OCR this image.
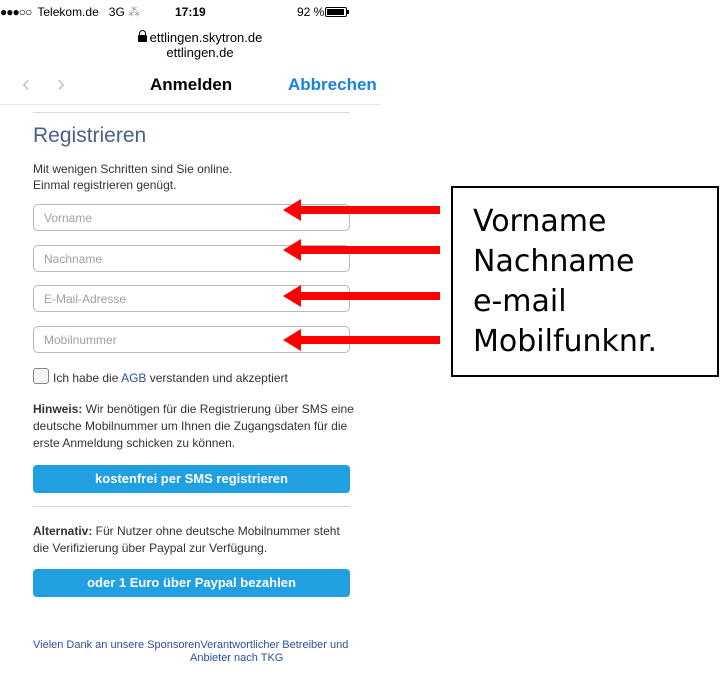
●●●○○ Telekom.de 3G ⁂	17:19	92 %
ettlingen.skytron.de
ettlingen.de
‹ ›	Anmelden	Abbrechen
Registrieren
Mit wenigen Schritten sind Sie online.
Einmal registrieren genügt.
Vorname
Nachname
E-Mail-Adresse
Mobilnummer
Ich habe die AGB verstanden und akzeptiert
Hinweis: Wir benötigen für die Registrierung über SMS eine deutsche Mobilnummer um Ihnen die Zugangsdaten für die erste Anmeldung schicken zu können.
kostenfrei per SMS registrieren
Alternativ: Für Nutzer ohne deutsche Mobilnummer steht die Verifizierung über Paypal zur Verfügung.
oder 1 Euro über Paypal bezahlen
Vielen Dank an unsere SponsorenVerantwortlicher Betreiber und
Anbieter nach TKG
Vorname
Nachname
e-mail
Mobilfunknr.
